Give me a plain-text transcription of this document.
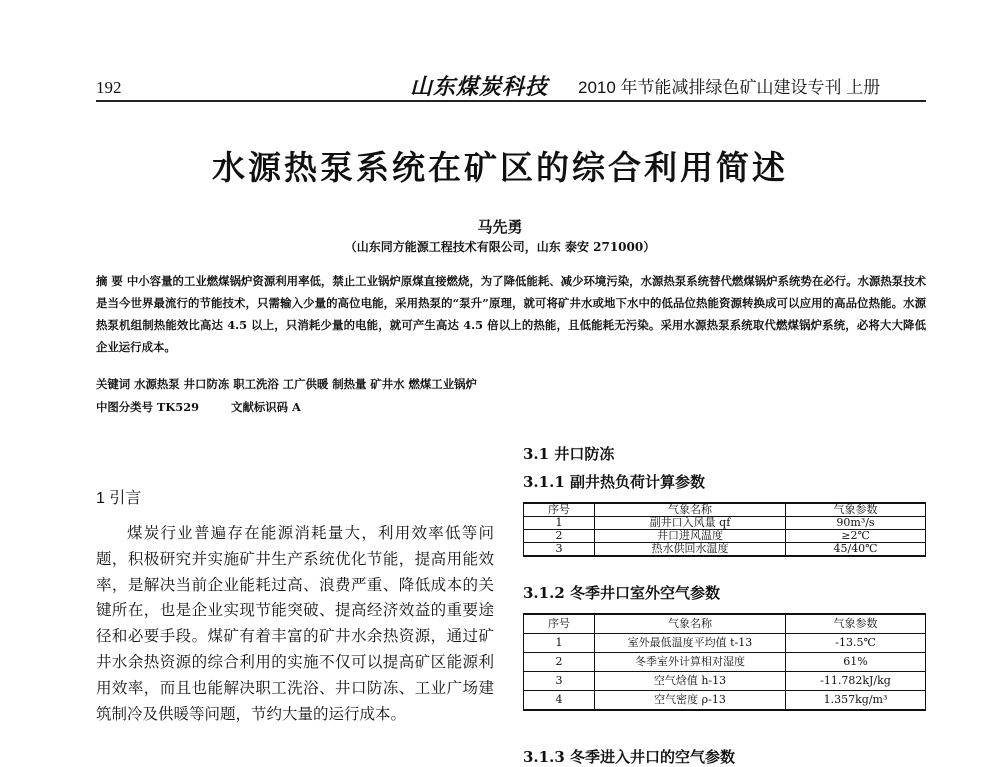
192	山东煤炭科技 2010 年节能减排绿色矿山建设专刊 上册
水源热泵系统在矿区的综合利用简述
马先勇
（山东同方能源工程技术有限公司，山东 泰安 271000）
摘 要 中小容量的工业燃煤锅炉资源利用率低，禁止工业锅炉原煤直接燃烧，为了降低能耗、减少环境污染，水源热泵系统替代燃煤锅炉系统势在必行。水源热泵技术是当今世界最流行的节能技术，只需输入少量的高位电能，采用热泵的“泵升”原理，就可将矿井水或地下水中的低品位热能资源转换成可以应用的高品位热能。水源热泵机组制热能效比高达 4.5 以上，只消耗少量的电能，就可产生高达 4.5 倍以上的热能，且低能耗无污染。采用水源热泵系统取代燃煤锅炉系统，必将大大降低企业运行成本。
关键词 水源热泵 井口防冻 职工洗浴 工广供暖 制热量 矿井水 燃煤工业锅炉
中图分类号 TK529	文献标识码 A
1 引言
煤炭行业普遍存在能源消耗量大，利用效率低等问题，积极研究并实施矿井生产系统优化节能，提高用能效率，是解决当前企业能耗过高、浪费严重、降低成本的关键所在，也是企业实现节能突破、提高经济效益的重要途径和必要手段。煤矿有着丰富的矿井水余热资源，通过矿井水余热资源的综合利用的实施不仅可以提高矿区能源利用效率，而且也能解决职工洗浴、井口防冻、工业广场建筑制冷及供暖等问题，节约大量的运行成本。
3.1 井口防冻
3.1.1 副井热负荷计算参数
序号	气象名称	气象参数
1	副井口入风量 qf	90m³/s
2	井口进风温度	≥2℃
3	热水供回水温度	45/40℃
3.1.2 冬季井口室外空气参数
序号	气象名称	气象参数
1	室外最低温度平均值 t-13	-13.5℃
2	冬季室外计算相对湿度	61%
3	空气焓值 h-13	-11.782kJ/kg
4	空气密度 ρ-13	1.357kg/m³
3.1.3 冬季进入井口的空气参数
